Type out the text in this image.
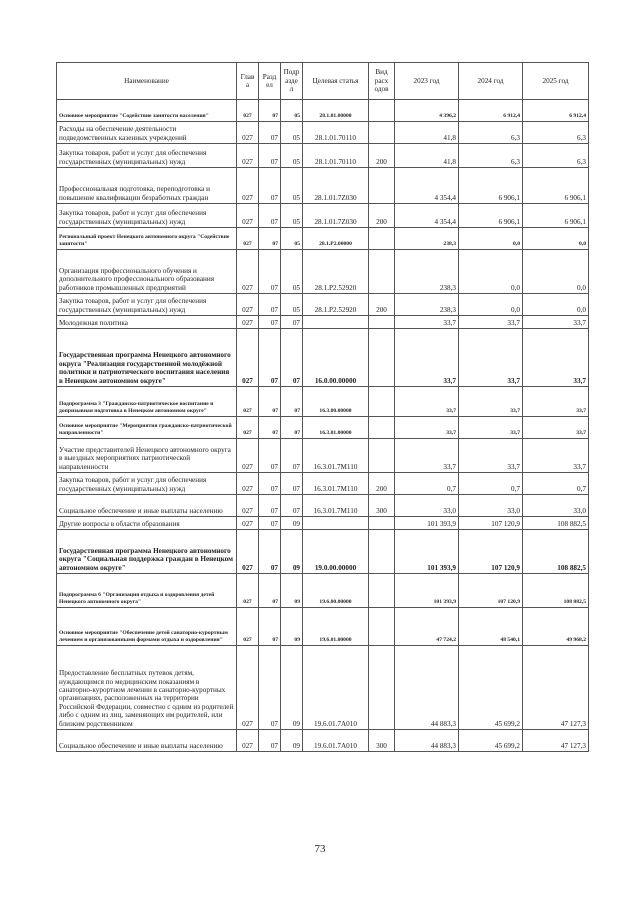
Наименование	Глав а	Разд ел	Подр азде л	Целевая статья	Вид расх одов	2023 год	2024 год	2025 год
Основное мероприятие "Содействие занятости населения"	027	07	05	28.1.01.00000		4 396,2	6 912,4	6 912,4
Расходы на обеспечение деятельности подведомственных казенных учреждений	027	07	05	28.1.01.70110		41,8	6,3	6,3
Закупка товаров, работ и услуг для обеспечения государственных (муниципальных) нужд	027	07	05	28.1.01.70110	200	41,8	6,3	6,3
Профессиональная подготовка, переподготовка и повышение квалификации безработных граждан	027	07	05	28.1.01.7Z030		4 354,4	6 906,1	6 906,1
Закупка товаров, работ и услуг для обеспечения государственных (муниципальных) нужд	027	07	05	28.1.01.7Z030	200	4 354,4	6 906,1	6 906,1
Региональный проект Ненецкого автономного округа "Содействие занятости"	027	07	05	28.1.P2.00000		238,3	0,0	0,0
Организация профессионального обучения и дополнительного профессионального образования работников промышленных предприятий	027	07	05	28.1.P2.52920		238,3	0,0	0,0
Закупка товаров, работ и услуг для обеспечения государственных (муниципальных) нужд	027	07	05	28.1.P2.52920	200	238,3	0,0	0,0
Молодежная политика	027	07	07			33,7	33,7	33,7
Государственная программа Ненецкого автономного округа "Реализация государственной молодёжной политики и патриотического воспитания населения в Ненецком автономном округе"	027	07	07	16.0.00.00000		33,7	33,7	33,7
Подпрограмма 3 "Гражданско-патриотическое воспитание и допризывная подготовка в Ненецком автономном округе"	027	07	07	16.3.00.00000		33,7	33,7	33,7
Основное мероприятие "Мероприятия гражданско-патриотической направленности"	027	07	07	16.3.01.00000		33,7	33,7	33,7
Участие представителей Ненецкого автономного округа в выездных мероприятиях патриотической направленности	027	07	07	16.3.01.7M110		33,7	33,7	33,7
Закупка товаров, работ и услуг для обеспечения государственных (муниципальных) нужд	027	07	07	16.3.01.7M110	200	0,7	0,7	0,7
Социальное обеспечение и иные выплаты населению	027	07	07	16.3.01.7M110	300	33,0	33,0	33,0
Другие вопросы в области образования	027	07	09			101 393,9	107 120,9	108 882,5
Государственная программа Ненецкого автономного округа "Социальная поддержка граждан в Ненецком автономном округе"	027	07	09	19.0.00.00000		101 393,9	107 120,9	108 882,5
Подпрограмма 6 "Организация отдыха и оздоровления детей Ненецкого автономного округа"	027	07	09	19.6.00.00000		101 393,9	107 120,9	108 882,5
Основное мероприятие "Обеспечение детей санаторно-курортным лечением и организованными формами отдыха и оздоровления"	027	07	09	19.6.01.00000		47 724,2	48 540,1	49 968,2
Предоставление бесплатных путевок детям, нуждающимся по медицинским показаниям в санаторно-курортном лечении в санаторно-курортных организациях, расположенных на территории Российской Федерации, совместно с одним из родителей либо с одним из лиц, заменяющих им родителей, или близким родственником	027	07	09	19.6.01.7A010		44 883,3	45 699,2	47 127,3
Социальное обеспечение и иные выплаты населению	027	07	09	19.6.01.7A010	300	44 883,3	45 699,2	47 127,3
73
